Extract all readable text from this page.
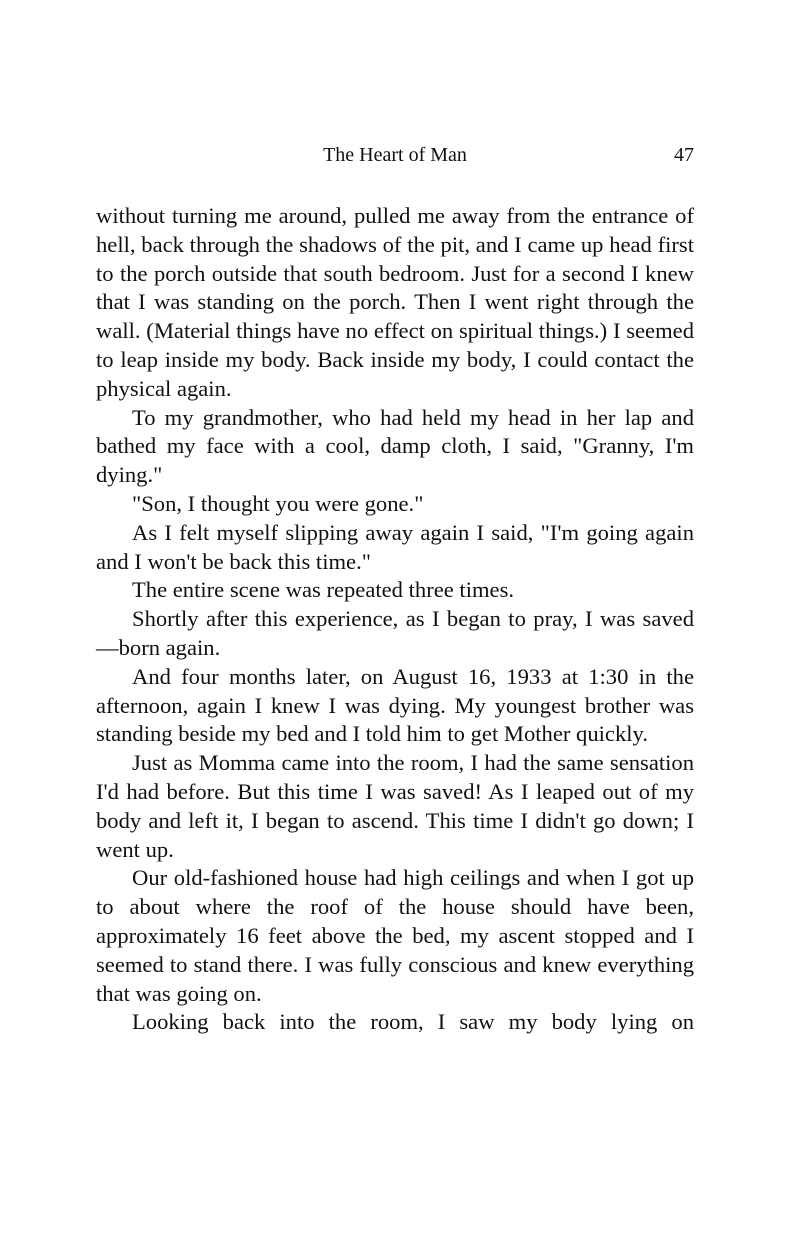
The Heart of Man	47

without turning me around, pulled me away from the entrance of hell, back through the shadows of the pit, and I came up head first to the porch outside that south bedroom. Just for a second I knew that I was standing on the porch. Then I went right through the wall. (Material things have no effect on spiritual things.) I seemed to leap inside my body. Back inside my body, I could contact the physical again.

To my grandmother, who had held my head in her lap and bathed my face with a cool, damp cloth, I said, "Granny, I'm dying."

"Son, I thought you were gone."

As I felt myself slipping away again I said, "I'm going again and I won't be back this time."

The entire scene was repeated three times.

Shortly after this experience, as I began to pray, I was saved—born again.

And four months later, on August 16, 1933 at 1:30 in the afternoon, again I knew I was dying. My youngest brother was standing beside my bed and I told him to get Mother quickly.

Just as Momma came into the room, I had the same sensation I'd had before. But this time I was saved! As I leaped out of my body and left it, I began to ascend. This time I didn't go down; I went up.

Our old-fashioned house had high ceilings and when I got up to about where the roof of the house should have been, approximately 16 feet above the bed, my ascent stopped and I seemed to stand there. I was fully conscious and knew everything that was going on.

Looking back into the room, I saw my body lying on
